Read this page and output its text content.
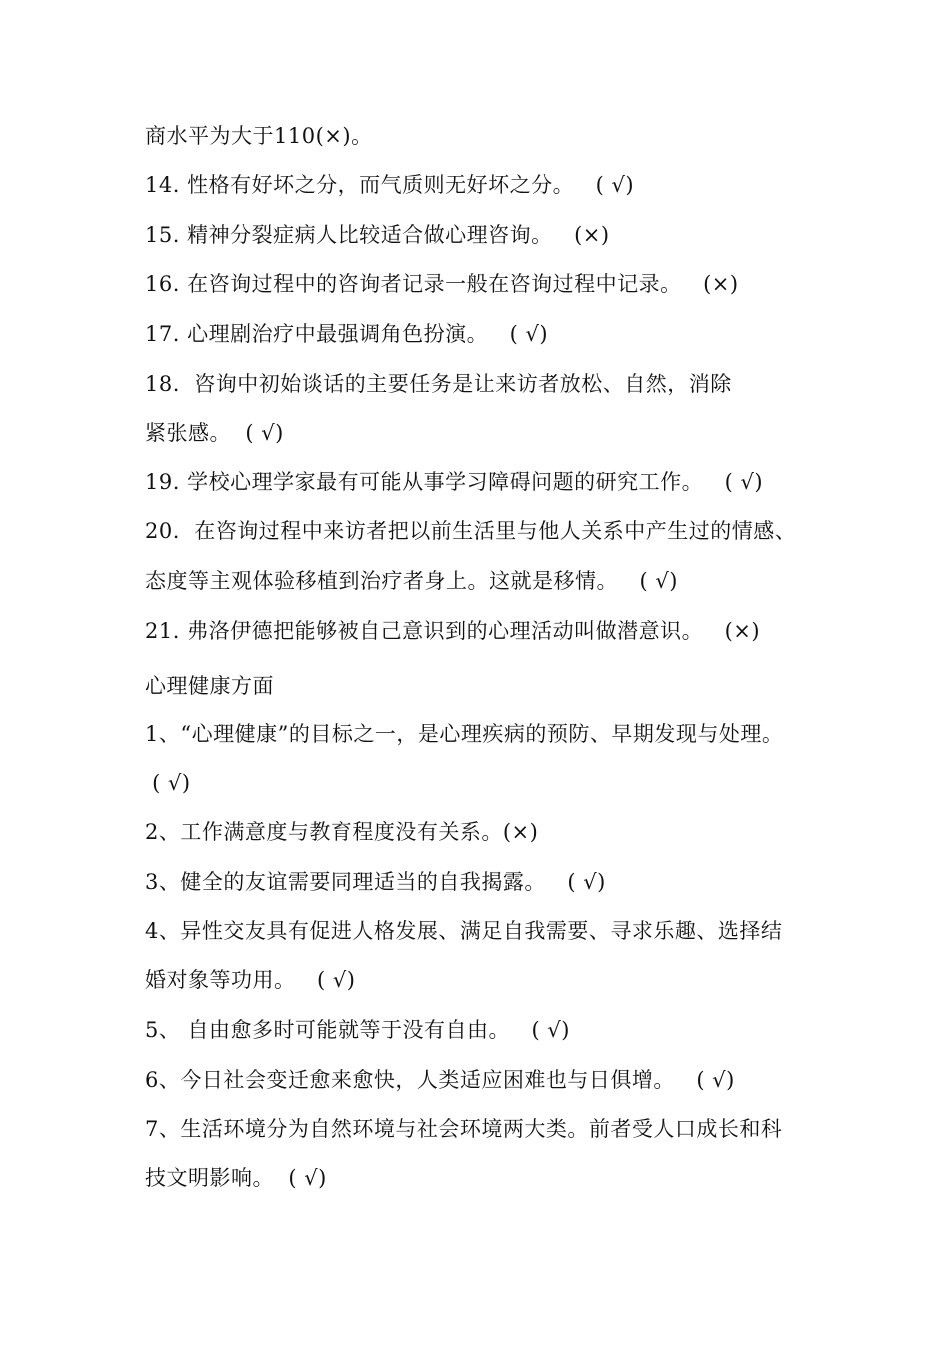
商水平为大于110(×)。
14. 性格有好坏之分，而气质则无好坏之分。   ( √)
15. 精神分裂症病人比较适合做心理咨询。   (×)
16. 在咨询过程中的咨询者记录一般在咨询过程中记录。   (×)
17. 心理剧治疗中最强调角色扮演。   ( √)
18.  咨询中初始谈话的主要任务是让来访者放松、自然，消除
紧张感。  ( √)
19. 学校心理学家最有可能从事学习障碍问题的研究工作。   ( √)
20.  在咨询过程中来访者把以前生活里与他人关系中产生过的情感、
态度等主观体验移植到治疗者身上。这就是移情。   ( √)
21. 弗洛伊德把能够被自己意识到的心理活动叫做潜意识。   (×)
心理健康方面
1、“心理健康”的目标之一，是心理疾病的预防、早期发现与处理。
( √)
2、工作满意度与教育程度没有关系。(×)
3、健全的友谊需要同理适当的自我揭露。   ( √)
4、异性交友具有促进人格发展、满足自我需要、寻求乐趣、选择结
婚对象等功用。   ( √)
5、 自由愈多时可能就等于没有自由。   ( √)
6、今日社会变迁愈来愈快，人类适应困难也与日俱增。   ( √)
7、生活环境分为自然环境与社会环境两大类。前者受人口成长和科
技文明影响。  ( √)
